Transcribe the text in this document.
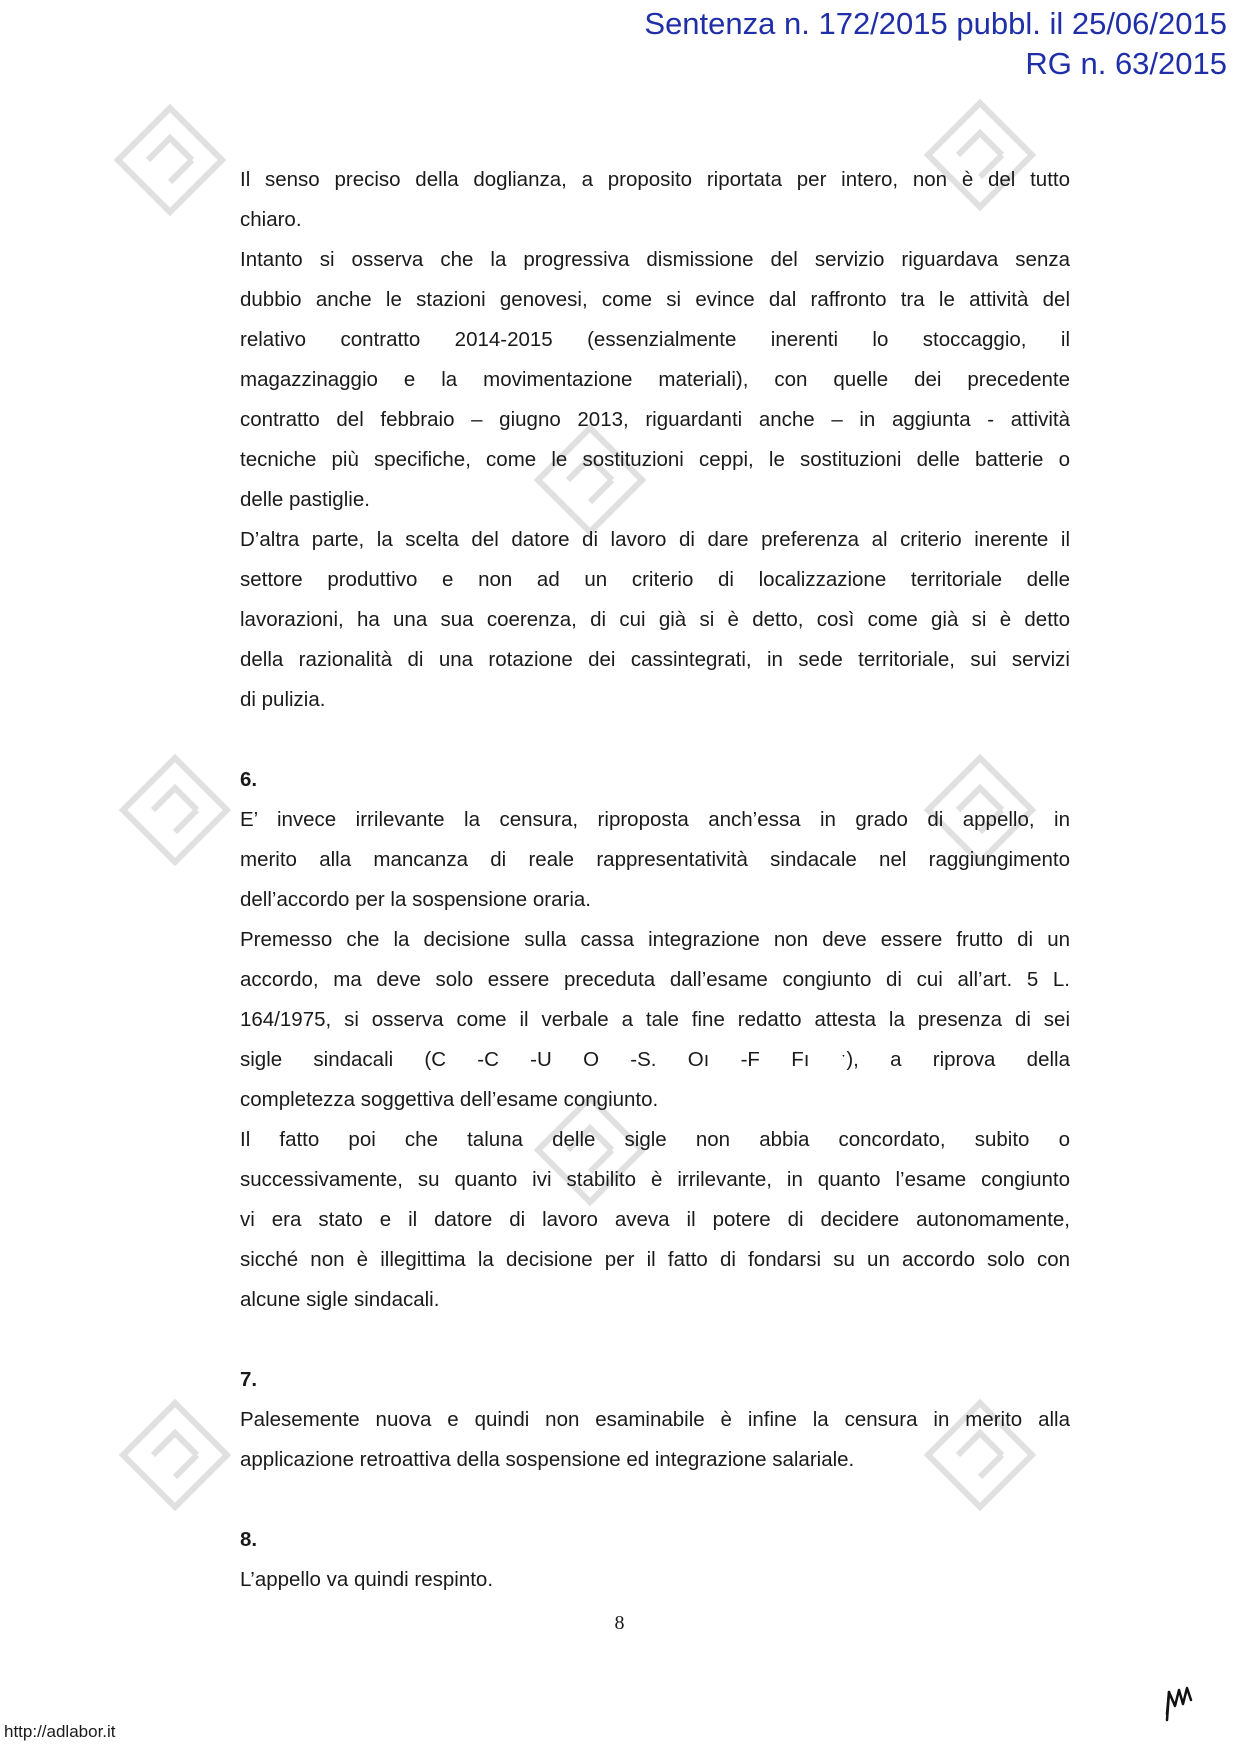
Sentenza n. 172/2015 pubbl. il 25/06/2015
RG n. 63/2015

Il senso preciso della doglianza, a proposito riportata per intero, non è del tutto
chiaro.

Intanto si osserva che la progressiva dismissione del servizio riguardava senza
dubbio anche le stazioni genovesi, come si evince dal raffronto tra le attività del
relativo contratto 2014-2015 (essenzialmente inerenti lo stoccaggio, il
magazzinaggio e la movimentazione materiali), con quelle dei precedente
contratto del febbraio – giugno 2013, riguardanti anche – in aggiunta - attività
tecniche più specifiche, come le sostituzioni ceppi, le sostituzioni delle batterie o
delle pastiglie.

D’altra parte, la scelta del datore di lavoro di dare preferenza al criterio inerente il
settore produttivo e non ad un criterio di localizzazione territoriale delle
lavorazioni, ha una sua coerenza, di cui già si è detto, così come già si è detto
della razionalità di una rotazione dei cassintegrati, in sede territoriale, sui servizi
di pulizia.

6.

E’ invece irrilevante la censura, riproposta anch’essa in grado di appello, in
merito alla mancanza di reale rappresentatività sindacale nel raggiungimento
dell’accordo per la sospensione oraria.

Premesso che la decisione sulla cassa integrazione non deve essere frutto di un
accordo, ma deve solo essere preceduta dall’esame congiunto di cui all’art. 5 L.
164/1975, si osserva come il verbale a tale fine redatto attesta la presenza di sei
sigle sindacali (C -C -U O -S. Oı -F Fı ˑ), a riprova della
completezza soggettiva dell’esame congiunto.

Il fatto poi che taluna delle sigle non abbia concordato, subito o
successivamente, su quanto ivi stabilito è irrilevante, in quanto l’esame congiunto
vi era stato e il datore di lavoro aveva il potere di decidere autonomamente,
sicché non è illegittima la decisione per il fatto di fondarsi su un accordo solo con
alcune sigle sindacali.

7.

Palesemente nuova e quindi non esaminabile è infine la censura in merito alla
applicazione retroattiva della sospensione ed integrazione salariale.

8.

L’appello va quindi respinto.

8
http://adlabor.it
